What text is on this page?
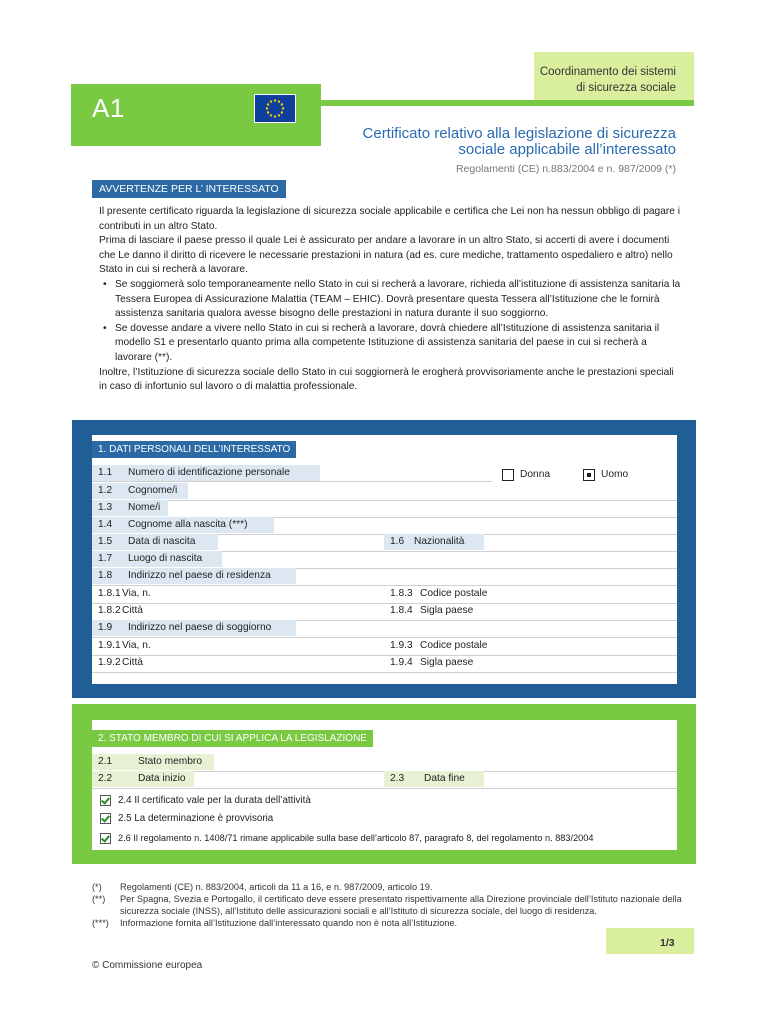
Coordinamento dei sistemi
di sicurezza sociale
A1
Certificato relativo alla legislazione di sicurezza
sociale applicabile all’interessato
Regolamenti (CE) n.883/2004 e n. 987/2009 (*)
AVVERTENZE PER L’ INTERESSATO

Il presente certificato riguarda la legislazione di sicurezza sociale applicabile e certifica che Lei non ha nessun obbligo di pagare i contributi in un altro Stato.

Prima di lasciare il paese presso il quale Lei è assicurato per andare a lavorare in un altro Stato, si accerti di avere i documenti che Le danno il diritto di ricevere le necessarie prestazioni in natura (ad es. cure mediche, trattamento ospedaliero e altro) nello Stato in cui si recherà a lavorare.

• Se soggiornerà solo temporaneamente nello Stato in cui si recherà a lavorare, richieda all’istituzione di assistenza sanitaria la Tessera Europea di Assicurazione Malattia (TEAM – EHIC). Dovrà presentare questa Tessera all’Istituzione che le fornirà assistenza sanitaria qualora avesse bisogno delle prestazioni in natura durante il suo soggiorno.

• Se dovesse andare a vivere nello Stato in cui si recherà a lavorare, dovrà chiedere all’Istituzione di assistenza sanitaria il modello S1 e presentarlo quanto prima alla competente Istituzione di assistenza sanitaria del paese in cui si recherà a lavorare (**).

Inoltre, l’Istituzione di sicurezza sociale dello Stato in cui soggiornerà le erogherà provvisoriamente anche le prestazioni speciali in caso di infortunio sul lavoro o di malattia professionale.

1. DATI PERSONALI DELL’INTERESSATO
1.1 Numero di identificazione personale	Donna	Uomo
1.2 Cognome/i
1.3 Nome/i
1.4 Cognome alla nascita (***)
1.5 Data di nascita	1.6 Nazionalità
1.7 Luogo di nascita
1.8 Indirizzo nel paese di residenza
1.8.1 Via, n.	1.8.3 Codice postale
1.8.2 Città	1.8.4 Sigla paese
1.9 Indirizzo nel paese di soggiorno
1.9.1 Via, n.	1.9.3 Codice postale
1.9.2 Città	1.9.4 Sigla paese
2. STATO MEMBRO DI CUI SI APPLICA LA LEGISLAZIONE
2.1	Stato membro
2.2	Data inizio	2.3 Data fine
2.4 Il certificato vale per la durata dell’attività
2.5 La determinazione è provvisoria
2.6 Il regolamento n. 1408/71 rimane applicabile sulla base dell’articolo 87, paragrafo 8, del regolamento n. 883/2004
(*) Regolamenti (CE) n. 883/2004, articoli da 11 a 16, e n. 987/2009, articolo 19.
(**) Per Spagna, Svezia e Portogallo, il certificato deve essere presentato rispettivamente alla Direzione provinciale dell’Istituto nazionale della sicurezza sociale (INSS), all’Istituto delle assicurazioni sociali e all’Istituto di sicurezza sociale, del luogo di residenza.
(***) Informazione fornita all’Istituzione dall’interessato quando non è nota all’Istituzione.
1/3
© Commissione europea
